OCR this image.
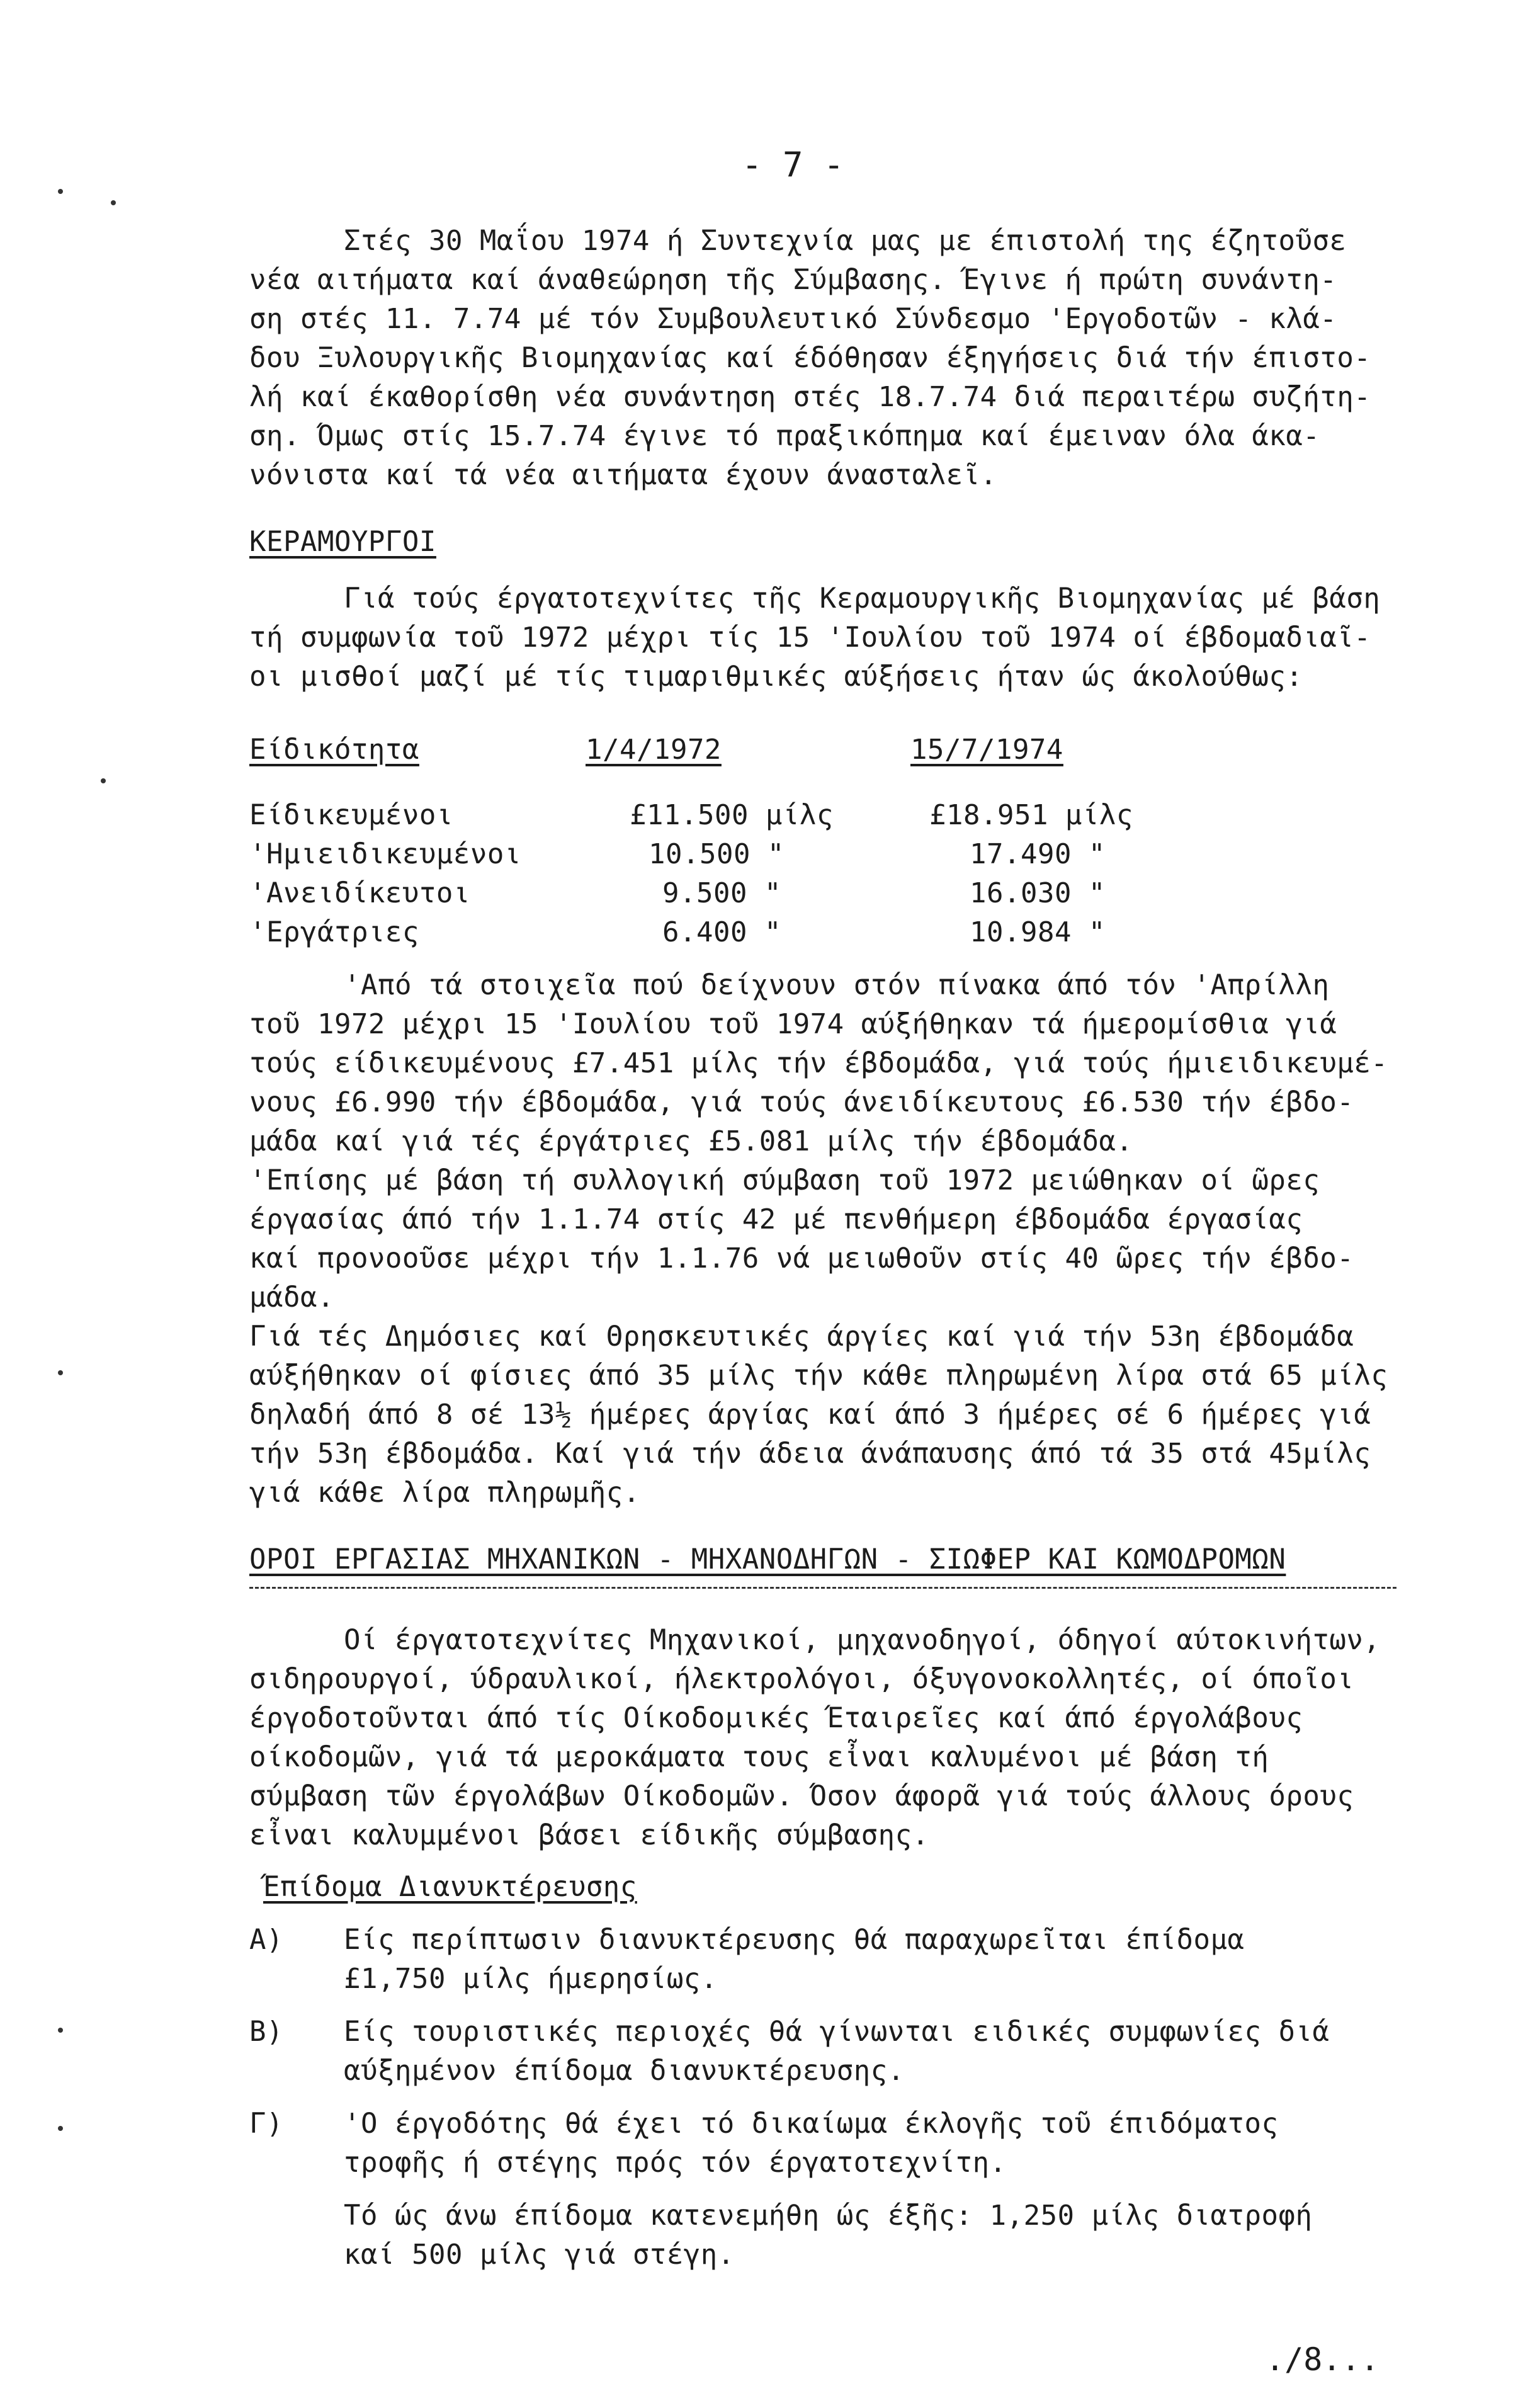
- 7 -
Στές 30 Μαΐου 1974 ή Συντεχνία μας με έπιστολή της έζητοῦσε
νέα αιτήματα καί άναθεώρηση τῆς Σύμβασης. Έγινε ή πρώτη συνάντη-
ση στές 11. 7.74 μέ τόν Συμβουλευτικό Σύνδεσμο 'Εργοδοτῶν - κλά-
δου Ξυλουργικῆς Βιομηχανίας καί έδόθησαν έξηγήσεις διά τήν έπιστο-
λή καί έκαθορίσθη νέα συνάντηση στές 18.7.74 διά περαιτέρω συζήτη-
ση. Όμως στίς 15.7.74 έγινε τό πραξικόπημα καί έμειναν όλα άκα-
νόνιστα καί τά νέα αιτήματα έχουν άνασταλεῖ.
ΚΕΡΑΜΟΥΡΓΟΙ
Γιά τούς έργατοτεχνίτες τῆς Κεραμουργικῆς Βιομηχανίας μέ βάση
τή συμφωνία τοῦ 1972 μέχρι τίς 15 'Ιουλίου τοῦ 1974 οί έβδομαδιαῖ-
οι μισθοί μαζί μέ τίς τιμαριθμικές αύξήσεις ήταν ώς άκολούθως:
Είδικότητα	1/4/1972	15/7/1974
Είδικευμένοι	£11.500 μίλς	£18.951 μίλς
'Ημιειδικευμένοι	10.500 "	17.490 "
'Ανειδίκευτοι	9.500 "	16.030 "
'Εργάτριες	6.400 "	10.984 "
'Από τά στοιχεῖα πού δείχνουν στόν πίνακα άπό τόν 'Απρίλλη
τοῦ 1972 μέχρι 15 'Ιουλίου τοῦ 1974 αύξήθηκαν τά ήμερομίσθια γιά
τούς είδικευμένους £7.451 μίλς τήν έβδομάδα, γιά τούς ήμιειδικευμέ-
νους £6.990 τήν έβδομάδα, γιά τούς άνειδίκευτους £6.530 τήν έβδο-
μάδα καί γιά τές έργάτριες £5.081 μίλς τήν έβδομάδα.
'Επίσης μέ βάση τή συλλογική σύμβαση τοῦ 1972 μειώθηκαν οί ῶρες
έργασίας άπό τήν 1.1.74 στίς 42 μέ πενθήμερη έβδομάδα έργασίας
καί προνοοῦσε μέχρι τήν 1.1.76 νά μειωθοῦν στίς 40 ῶρες τήν έβδο-
μάδα.
Γιά τές Δημόσιες καί Θρησκευτικές άργίες καί γιά τήν 53η έβδομάδα
αύξήθηκαν οί φίσιες άπό 35 μίλς τήν κάθε πληρωμένη λίρα στά 65 μίλς
δηλαδή άπό 8 σέ 13½ ήμέρες άργίας καί άπό 3 ήμέρες σέ 6 ήμέρες γιά
τήν 53η έβδομάδα. Καί γιά τήν άδεια άνάπαυσης άπό τά 35 στά 45μίλς
γιά κάθε λίρα πληρωμῆς.
ΟΡΟΙ ΕΡΓΑΣΙΑΣ ΜΗΧΑΝΙΚΩΝ - ΜΗΧΑΝΟΔΗΓΩΝ - ΣΙΩΦΕΡ ΚΑΙ ΚΩΜΟΔΡΟΜΩΝ
Οί έργατοτεχνίτες Μηχανικοί, μηχανοδηγοί, όδηγοί αύτοκινήτων,
σιδηρουργοί, ύδραυλικοί, ήλεκτρολόγοι, όξυγονοκολλητές, οί όποῖοι
έργοδοτοῦνται άπό τίς Οίκοδομικές Έταιρεῖες καί άπό έργολάβους
οίκοδομῶν, γιά τά μεροκάματα τους εἶναι καλυμένοι μέ βάση τή
σύμβαση τῶν έργολάβων Οίκοδομῶν. Όσον άφορᾶ γιά τούς άλλους όρους
εἶναι καλυμμένοι βάσει είδικῆς σύμβασης.
Έπίδομα Διανυκτέρευσης
Α) Είς περίπτωσιν διανυκτέρευσης θά παραχωρεῖται έπίδομα
£1,750 μίλς ήμερησίως.
Β) Είς τουριστικές περιοχές θά γίνωνται ειδικές συμφωνίες διά
αύξημένον έπίδομα διανυκτέρευσης.
Γ) 'Ο έργοδότης θά έχει τό δικαίωμα έκλογῆς τοῦ έπιδόματος
τροφῆς ή στέγης πρός τόν έργατοτεχνίτη.
Τό ώς άνω έπίδομα κατενεμήθη ώς έξῆς: 1,250 μίλς διατροφή
καί 500 μίλς γιά στέγη.
./8...
